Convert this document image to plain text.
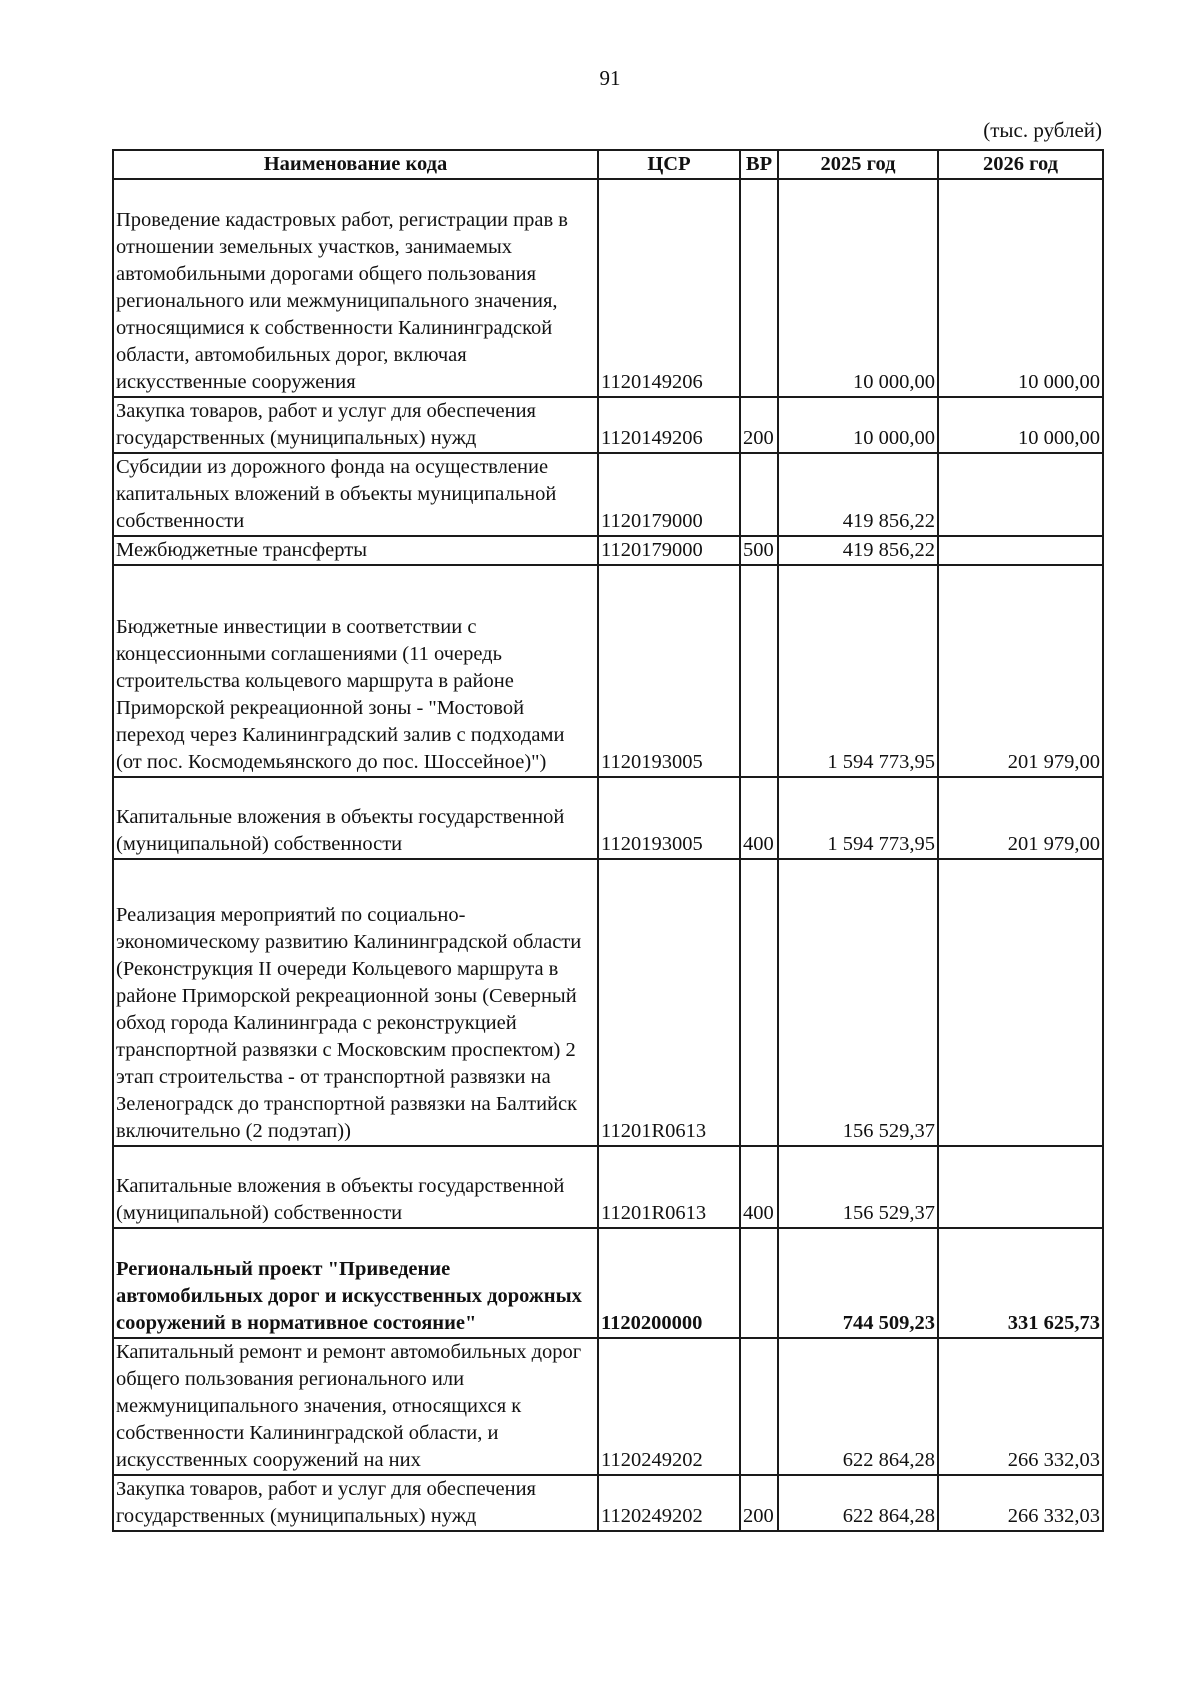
91
(тыс. рублей)
Наименование кода	ЦСР	ВР	2025 год	2026 год
Проведение кадастровых работ, регистрации прав в отношении земельных участков, занимаемых автомобильными дорогами общего пользования регионального или межмуниципального значения, относящимися к собственности Калининградской области, автомобильных дорог, включая искусственные сооружения	1120149206		10 000,00	10 000,00
Закупка товаров, работ и услуг для обеспечения государственных (муниципальных) нужд	1120149206	200	10 000,00	10 000,00
Субсидии из дорожного фонда на осуществление капитальных вложений в объекты муниципальной собственности	1120179000		419 856,22	
Межбюджетные трансферты	1120179000	500	419 856,22	
Бюджетные инвестиции в соответствии с концессионными соглашениями (11 очередь строительства кольцевого маршрута в районе Приморской рекреационной зоны - "Мостовой переход через Калининградский залив с подходами (от пос. Космодемьянского до пос. Шоссейное)")	1120193005		1 594 773,95	201 979,00
Капитальные вложения в объекты государственной (муниципальной) собственности	1120193005	400	1 594 773,95	201 979,00
Реализация мероприятий по социально-экономическому развитию Калининградской области (Реконструкция II очереди Кольцевого маршрута в районе Приморской рекреационной зоны (Северный обход города Калининграда с реконструкцией транспортной развязки с Московским проспектом) 2 этап строительства - от транспортной развязки на Зеленоградск до транспортной развязки на Балтийск включительно (2 подэтап))	11201R0613		156 529,37	
Капитальные вложения в объекты государственной (муниципальной) собственности	11201R0613	400	156 529,37	
Региональный проект "Приведение автомобильных дорог и искусственных дорожных сооружений в нормативное состояние"	1120200000		744 509,23	331 625,73
Капитальный ремонт и ремонт автомобильных дорог общего пользования регионального или межмуниципального значения, относящихся к собственности Калининградской области, и искусственных сооружений на них	1120249202		622 864,28	266 332,03
Закупка товаров, работ и услуг для обеспечения государственных (муниципальных) нужд	1120249202	200	622 864,28	266 332,03
